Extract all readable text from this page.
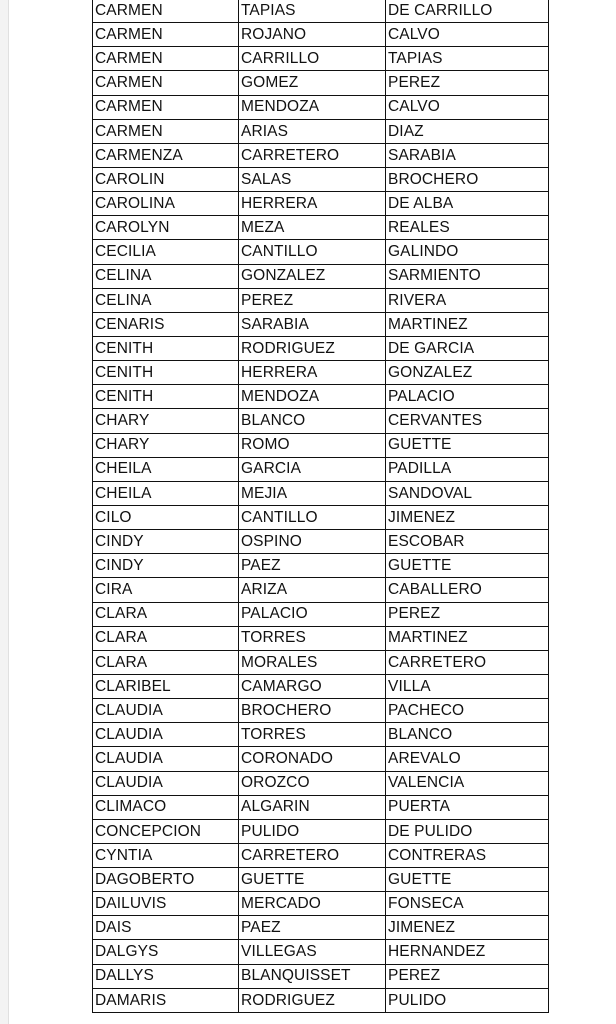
CARMEN	TAPIAS	DE CARRILLO
CARMEN	ROJANO	CALVO
CARMEN	CARRILLO	TAPIAS
CARMEN	GOMEZ	PEREZ
CARMEN	MENDOZA	CALVO
CARMEN	ARIAS	DIAZ
CARMENZA	CARRETERO	SARABIA
CAROLIN	SALAS	BROCHERO
CAROLINA	HERRERA	DE ALBA
CAROLYN	MEZA	REALES
CECILIA	CANTILLO	GALINDO
CELINA	GONZALEZ	SARMIENTO
CELINA	PEREZ	RIVERA
CENARIS	SARABIA	MARTINEZ
CENITH	RODRIGUEZ	DE GARCIA
CENITH	HERRERA	GONZALEZ
CENITH	MENDOZA	PALACIO
CHARY	BLANCO	CERVANTES
CHARY	ROMO	GUETTE
CHEILA	GARCIA	PADILLA
CHEILA	MEJIA	SANDOVAL
CILO	CANTILLO	JIMENEZ
CINDY	OSPINO	ESCOBAR
CINDY	PAEZ	GUETTE
CIRA	ARIZA	CABALLERO
CLARA	PALACIO	PEREZ
CLARA	TORRES	MARTINEZ
CLARA	MORALES	CARRETERO
CLARIBEL	CAMARGO	VILLA
CLAUDIA	BROCHERO	PACHECO
CLAUDIA	TORRES	BLANCO
CLAUDIA	CORONADO	AREVALO
CLAUDIA	OROZCO	VALENCIA
CLIMACO	ALGARIN	PUERTA
CONCEPCION	PULIDO	DE PULIDO
CYNTIA	CARRETERO	CONTRERAS
DAGOBERTO	GUETTE	GUETTE
DAILUVIS	MERCADO	FONSECA
DAIS	PAEZ	JIMENEZ
DALGYS	VILLEGAS	HERNANDEZ
DALLYS	BLANQUISSET	PEREZ
DAMARIS	RODRIGUEZ	PULIDO
